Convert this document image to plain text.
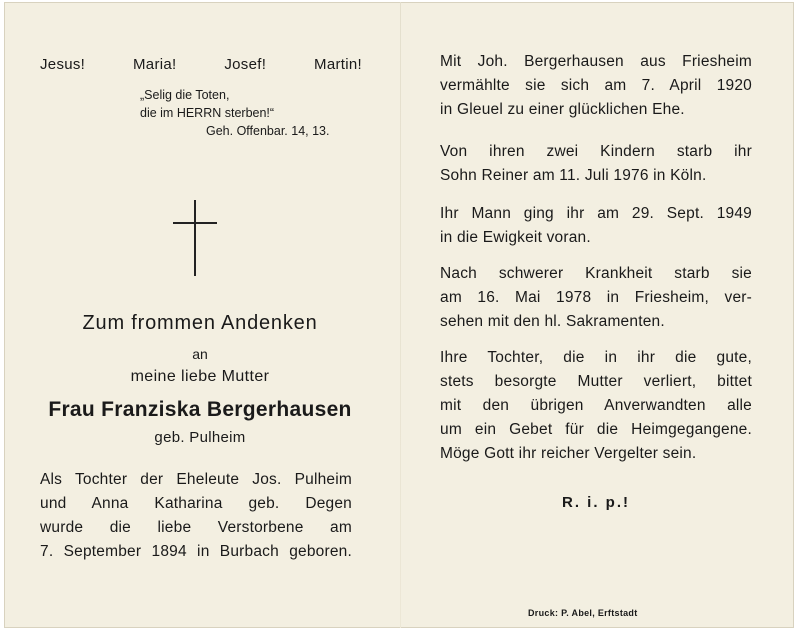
Jesus!	Maria!	Josef!	Martin!
„Selig die Toten,
die im HERRN sterben!“
Geh. Offenbar. 14, 13.
Zum frommen Andenken
an
meine liebe Mutter
Frau Franziska Bergerhausen
geb. Pulheim
Als Tochter der Eheleute Jos. Pulheim
und Anna Katharina geb. Degen
wurde die liebe Verstorbene am
7. September 1894 in Burbach geboren.
Mit Joh. Bergerhausen aus Friesheim
vermählte sie sich am 7. April 1920
in Gleuel zu einer glücklichen Ehe.
Von ihren zwei Kindern starb ihr
Sohn Reiner am 11. Juli 1976 in Köln.
Ihr Mann ging ihr am 29. Sept. 1949
in die Ewigkeit voran.
Nach schwerer Krankheit starb sie
am 16. Mai 1978 in Friesheim, ver-
sehen mit den hl. Sakramenten.
Ihre Tochter, die in ihr die gute,
stets besorgte Mutter verliert, bittet
mit den übrigen Anverwandten alle
um ein Gebet für die Heimgegangene.
Möge Gott ihr reicher Vergelter sein.
R. i. p.!
Druck: P. Abel, Erftstadt
